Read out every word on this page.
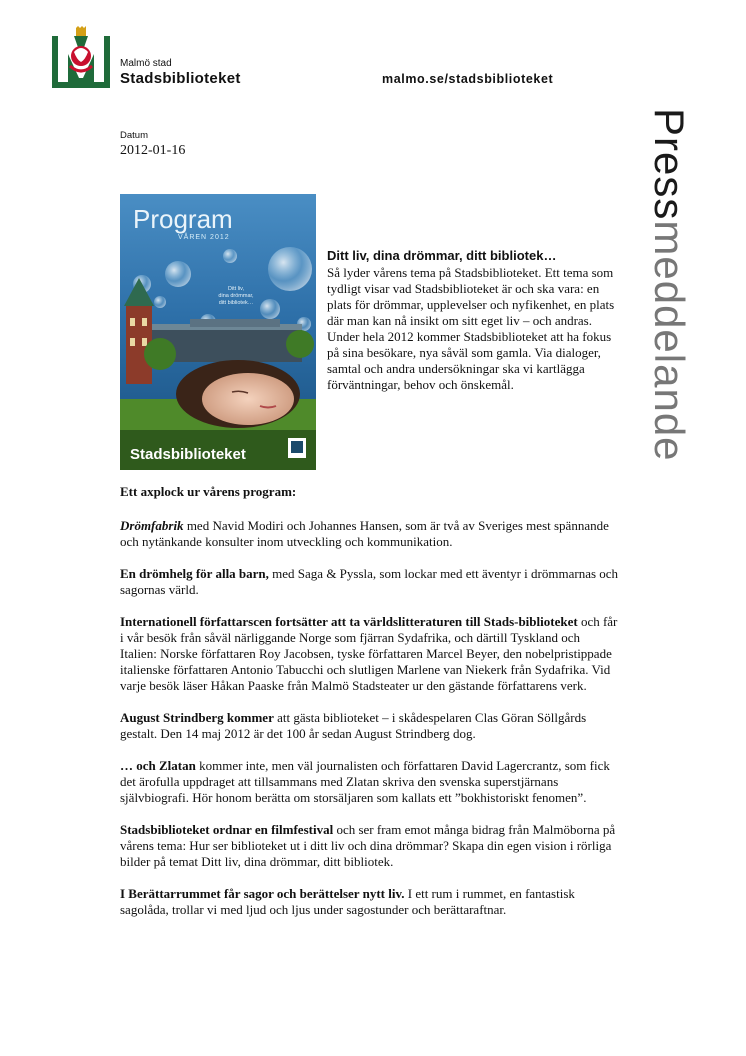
Malmö stad
Stadsbiblioteket	malmo.se/stadsbiblioteket
Pressmeddelande
Datum
2012-01-16
Program
VÅREN 2012
Ditt liv,
dina drömmar,
ditt bibliotek…
Stadsbiblioteket
Ditt liv, dina drömmar, ditt bibliotek…
Så lyder vårens tema på Stadsbiblioteket. Ett tema som tydligt visar vad Stadsbiblioteket är och ska vara: en plats för drömmar, upplevelser och nyfikenhet, en plats där man kan nå insikt om sitt eget liv – och andras.
Under hela 2012 kommer Stadsbiblioteket att ha fokus på sina besökare, nya såväl som gamla. Via dialoger, samtal och andra undersökningar ska vi kartlägga förväntningar, behov och önskemål.
Ett axplock ur vårens program:
Drömfabrik med Navid Modiri och Johannes Hansen, som är två av Sveriges mest spännande och nytänkande konsulter inom utveckling och kommunikation.
En drömhelg för alla barn, med Saga & Pyssla, som lockar med ett äventyr i drömmarnas och sagornas värld.
Internationell författarscen fortsätter att ta världslitteraturen till Stads-biblioteket och får i vår besök från såväl närliggande Norge som fjärran Sydafrika, och därtill Tyskland och Italien: Norske författaren Roy Jacobsen, tyske författaren Marcel Beyer, den nobelpristippade italienske författaren Antonio Tabucchi och slutligen Marlene van Niekerk från Sydafrika. Vid varje besök läser Håkan Paaske från Malmö Stadsteater ur den gästande författarens verk.
August Strindberg kommer att gästa biblioteket – i skådespelaren Clas Göran Söllgårds gestalt. Den 14 maj 2012 är det 100 år sedan August Strindberg dog.
… och Zlatan kommer inte, men väl journalisten och författaren David Lagercrantz, som fick det ärofulla uppdraget att tillsammans med Zlatan skriva den svenska superstjärnans självbiografi. Hör honom berätta om storsäljaren som kallats ett ”bokhistoriskt fenomen”.
Stadsbiblioteket ordnar en filmfestival och ser fram emot många bidrag från Malmöborna på vårens tema: Hur ser biblioteket ut i ditt liv och dina drömmar? Skapa din egen vision i rörliga bilder på temat Ditt liv, dina drömmar, ditt bibliotek.
I Berättarrummet får sagor och berättelser nytt liv. I ett rum i rummet, en fantastisk sagolåda, trollar vi med ljud och ljus under sagostunder och berättaraftnar.
